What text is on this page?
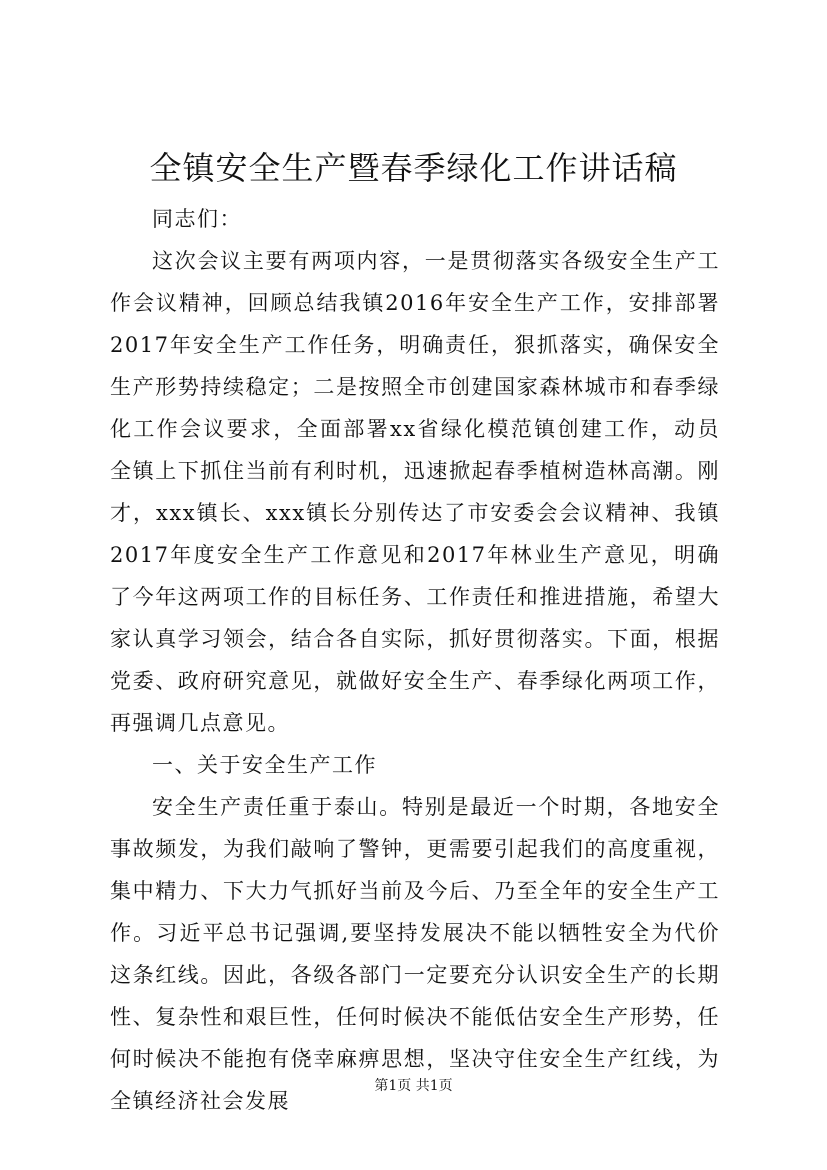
全镇安全生产暨春季绿化工作讲话稿

同志们：

这次会议主要有两项内容，一是贯彻落实各级安全生产工作会议精神，回顾总结我镇2016年安全生产工作，安排部署2017年安全生产工作任务，明确责任，狠抓落实，确保安全生产形势持续稳定；二是按照全市创建国家森林城市和春季绿化工作会议要求，全面部署xx省绿化模范镇创建工作，动员全镇上下抓住当前有利时机，迅速掀起春季植树造林高潮。刚才，xxx镇长、xxx镇长分别传达了市安委会会议精神、我镇2017年度安全生产工作意见和2017年林业生产意见，明确了今年这两项工作的目标任务、工作责任和推进措施，希望大家认真学习领会，结合各自实际，抓好贯彻落实。下面，根据党委、政府研究意见，就做好安全生产、春季绿化两项工作，再强调几点意见。

一、关于安全生产工作

安全生产责任重于泰山。特别是最近一个时期，各地安全事故频发，为我们敲响了警钟，更需要引起我们的高度重视，集中精力、下大力气抓好当前及今后、乃至全年的安全生产工作。习近平总书记强调,要坚持发展决不能以牺牲安全为代价这条红线。因此，各级各部门一定要充分认识安全生产的长期性、复杂性和艰巨性，任何时候决不能低估安全生产形势，任何时候决不能抱有侥幸麻痹思想，坚决守住安全生产红线，为全镇经济社会发展

第1页 共1页
